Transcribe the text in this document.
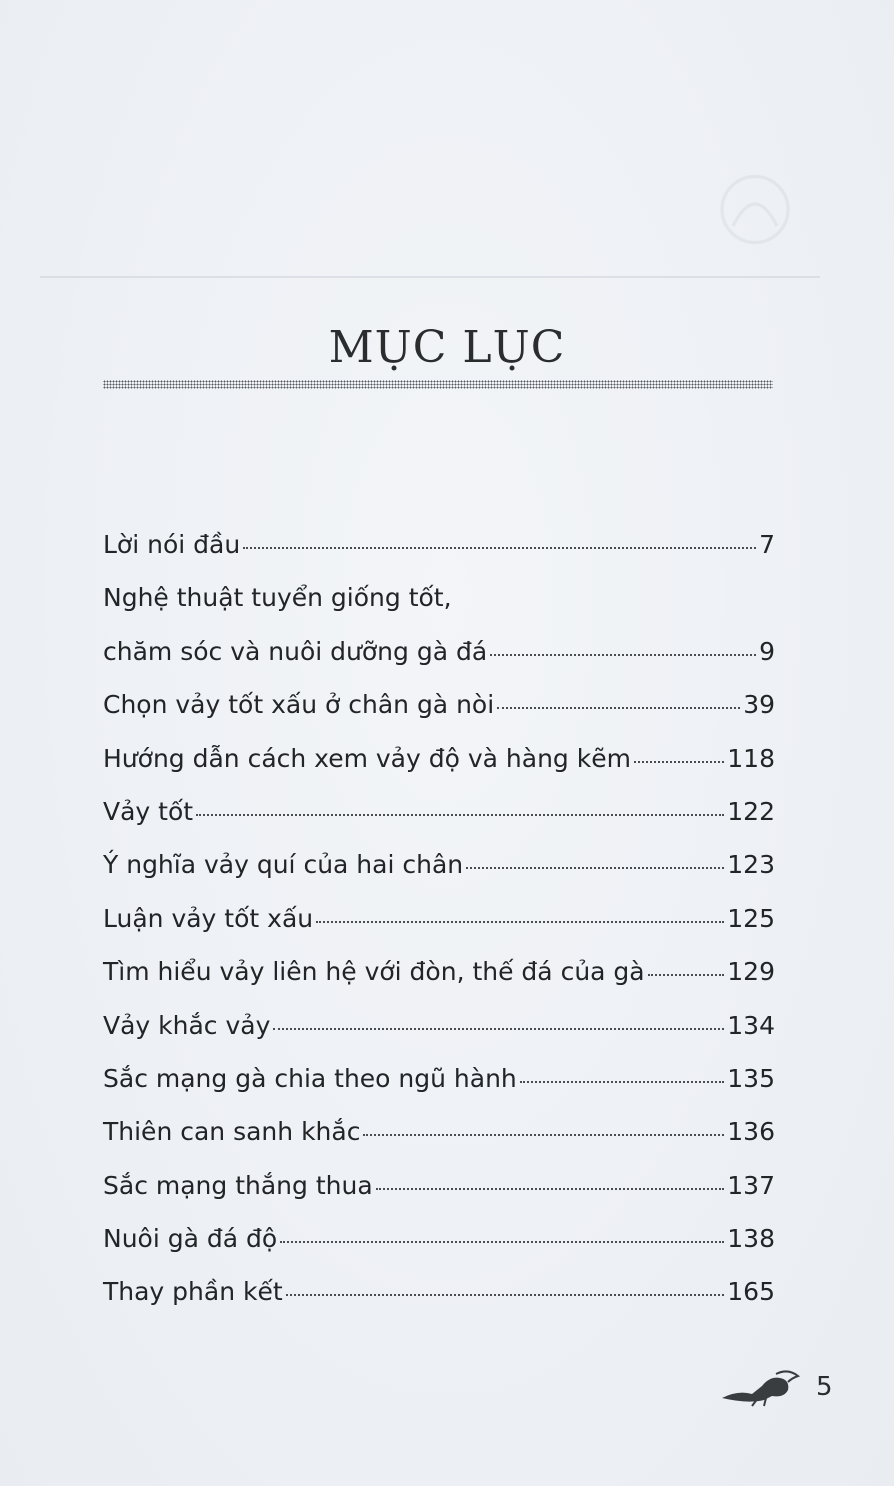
MỤC LỤC
Lời nói đầu	7
Nghệ thuật tuyển giống tốt,
chăm sóc và nuôi dưỡng gà đá	9
Chọn vảy tốt xấu ở chân gà nòi	39
Hướng dẫn cách xem vảy độ và hàng kẽm	118
Vảy tốt	122
Ý nghĩa vảy quí của hai chân	123
Luận vảy tốt xấu	125
Tìm hiểu vảy liên hệ với đòn, thế đá của gà	129
Vảy khắc vảy	134
Sắc mạng gà chia theo ngũ hành	135
Thiên can sanh khắc	136
Sắc mạng thắng thua	137
Nuôi gà đá độ	138
Thay phần kết	165
5
